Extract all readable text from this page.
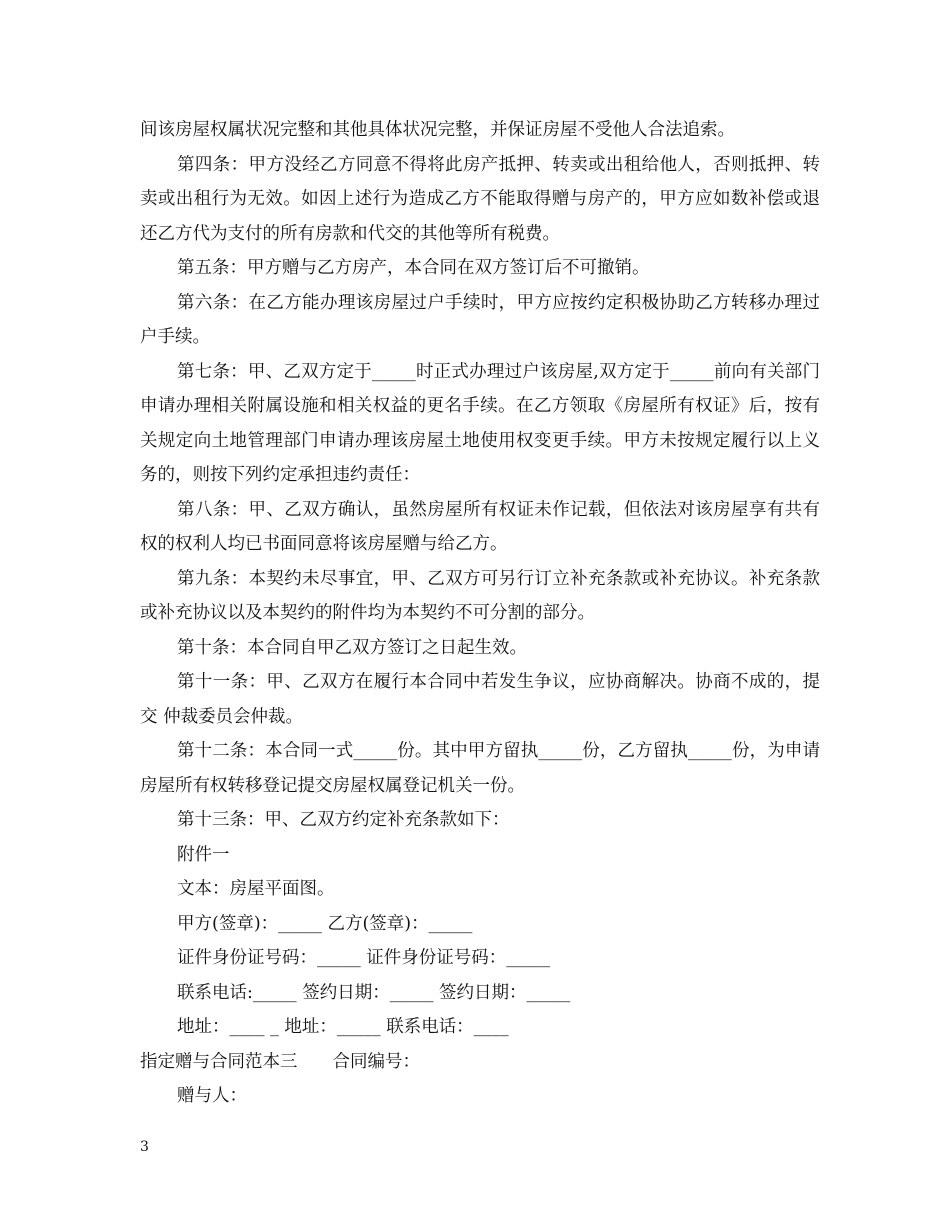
间该房屋权属状况完整和其他具体状况完整，并保证房屋不受他人合法追索。

第四条：甲方没经乙方同意不得将此房产抵押、转卖或出租给他人，否则抵押、转卖或出租行为无效。如因上述行为造成乙方不能取得赠与房产的，甲方应如数补偿或退还乙方代为支付的所有房款和代交的其他等所有税费。

第五条：甲方赠与乙方房产，本合同在双方签订后不可撤销。

第六条：在乙方能办理该房屋过户手续时，甲方应按约定积极协助乙方转移办理过户手续。

第七条：甲、乙双方定于_____时正式办理过户该房屋,双方定于_____前向有关部门申请办理相关附属设施和相关权益的更名手续。在乙方领取《房屋所有权证》后，按有关规定向土地管理部门申请办理该房屋土地使用权变更手续。甲方未按规定履行以上义务的，则按下列约定承担违约责任：

第八条：甲、乙双方确认，虽然房屋所有权证未作记载，但依法对该房屋享有共有权的权利人均已书面同意将该房屋赠与给乙方。

第九条：本契约未尽事宜，甲、乙双方可另行订立补充条款或补充协议。补充条款或补充协议以及本契约的附件均为本契约不可分割的部分。

第十条：本合同自甲乙双方签订之日起生效。

第十一条：甲、乙双方在履行本合同中若发生争议，应协商解决。协商不成的，提交 仲裁委员会仲裁。

第十二条：本合同一式_____份。其中甲方留执_____份，乙方留执_____份，为申请房屋所有权转移登记提交房屋权属登记机关一份。

第十三条：甲、乙双方约定补充条款如下：

附件一

文本：房屋平面图。

甲方(签章)：_____ 乙方(签章)：_____

证件身份证号码：_____ 证件身份证号码：_____

联系电话:_____ 签约日期：_____ 签约日期：_____

地址：____ _ 地址：_____ 联系电话：____

指定赠与合同范本三　　合同编号：

赠与人：

3
